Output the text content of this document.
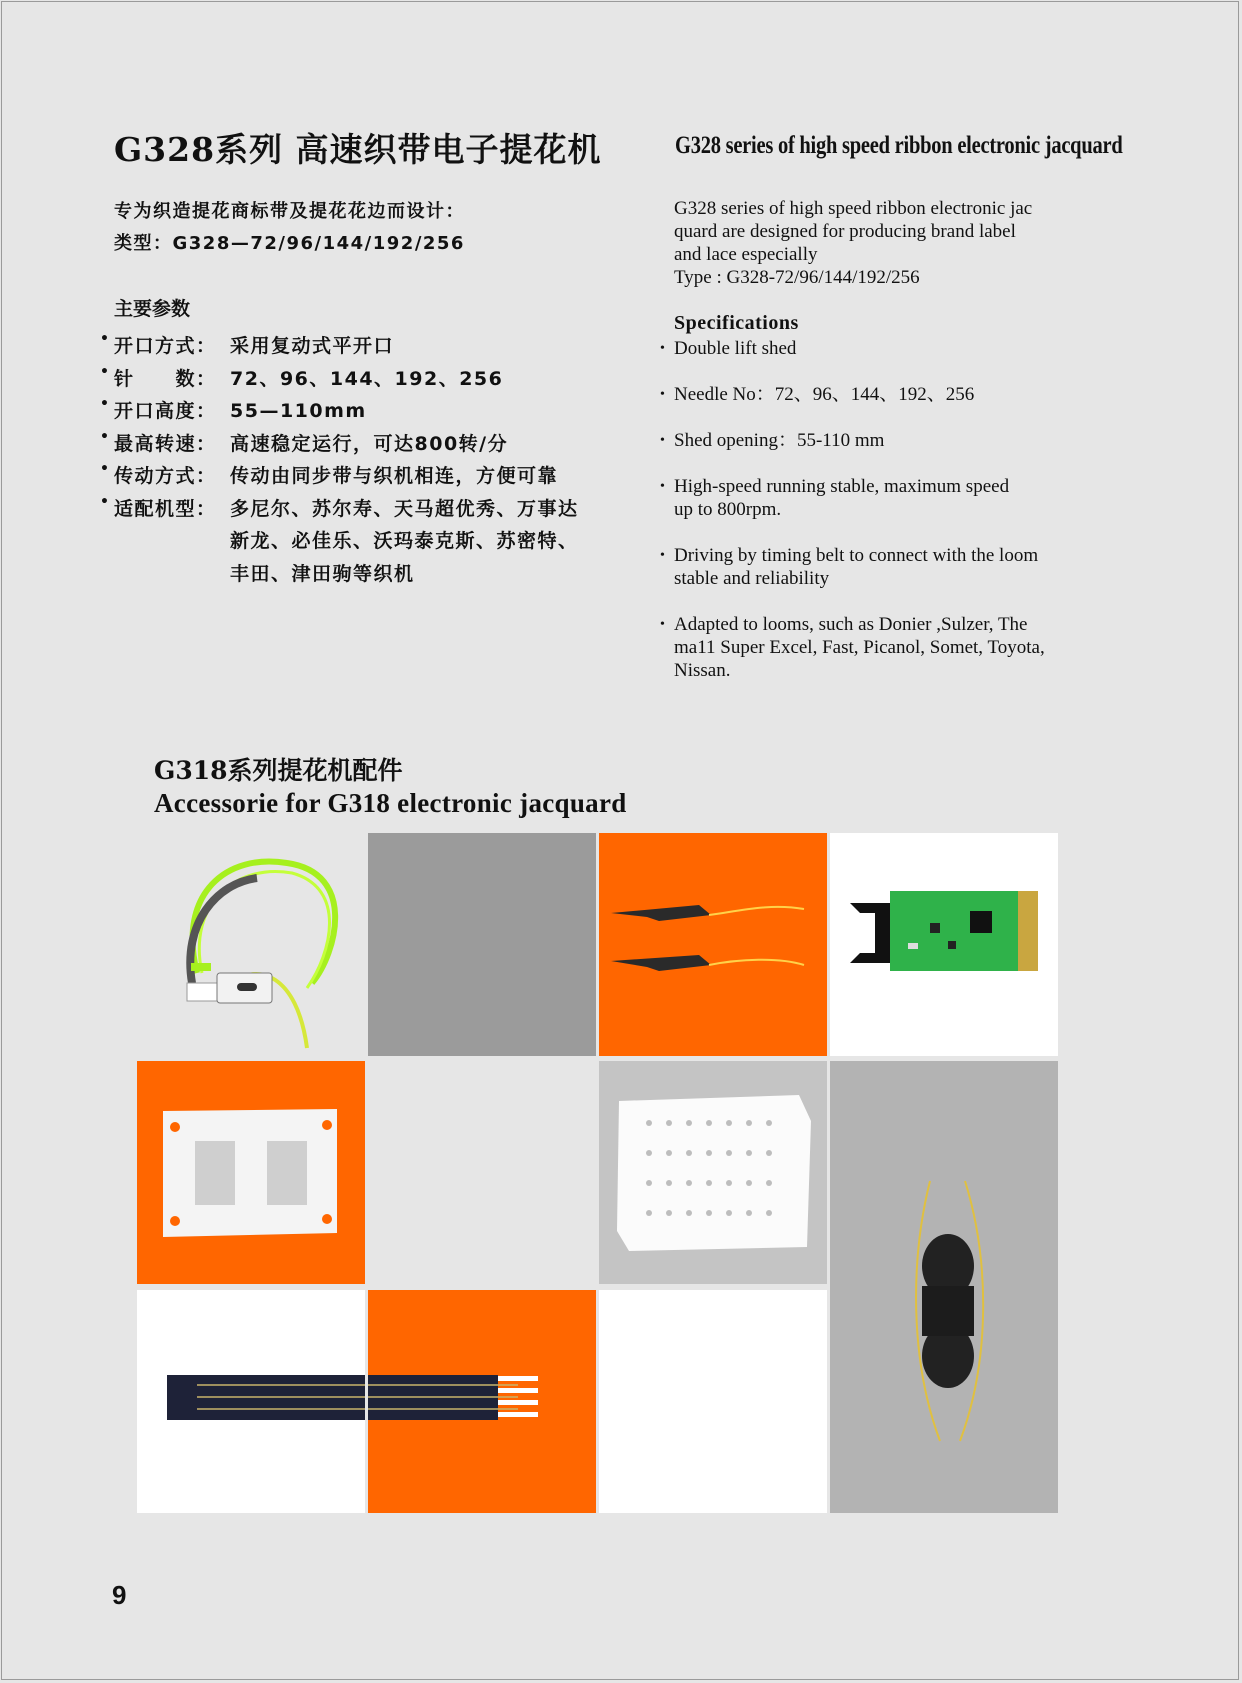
G328系列 高速织带电子提花机	G328 series of high speed ribbon electronic jacquard
专为织造提花商标带及提花花边而设计：
类型：G328—72/96/144/192/256
主要参数
• 开口方式： 采用复动式平开口
• 针　　数： 72、96、144、192、256
• 开口高度： 55—110mm
• 最高转速： 高速稳定运行，可达800转/分
• 传动方式： 传动由同步带与织机相连，方便可靠
• 适配机型： 多尼尔、苏尔寿、天马超优秀、万事达
新龙、必佳乐、沃玛泰克斯、苏密特、
丰田、津田驹等织机
G328 series of high speed ribbon electronic jac
quard are designed for producing brand label
and lace especially
Type : G328-72/96/144/192/256
Specifications
• Double lift shed
• Needle No：72、96、144、192、256
• Shed opening：55-110 mm
• High-speed running stable, maximum speed
up to 800rpm.
• Driving by timing belt to connect with the loom
stable and reliability
• Adapted to looms, such as Donier ,Sulzer, The
ma11 Super Excel, Fast, Picanol, Somet, Toyota,
Nissan.
G318系列提花机配件
Accessorie for G318 electronic jacquard
9
